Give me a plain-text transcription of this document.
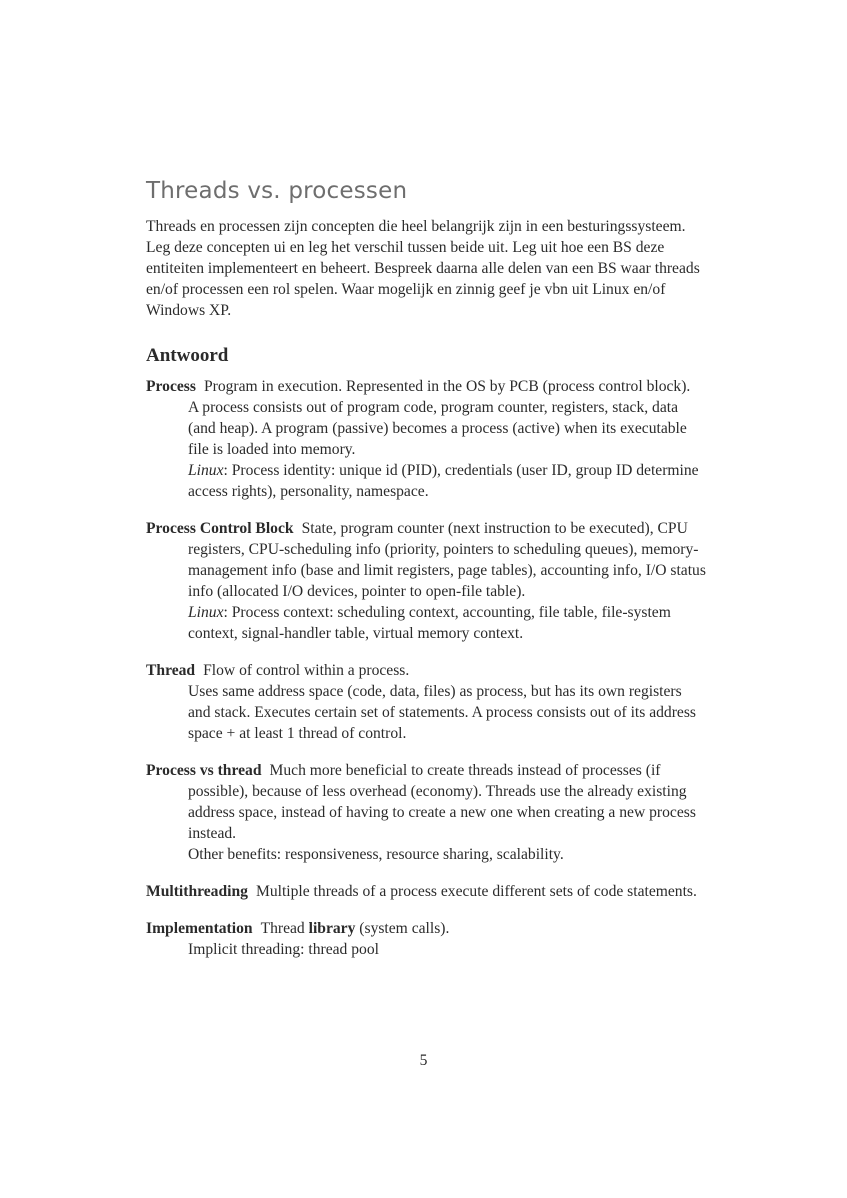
Threads vs. processen

Threads en processen zijn concepten die heel belangrijk zijn in een besturingssysteem. Leg deze concepten ui en leg het verschil tussen beide uit. Leg uit hoe een BS deze entiteiten implementeert en beheert. Bespreek daarna alle delen van een BS waar threads en/of processen een rol spelen. Waar mogelijk en zinnig geef je vbn uit Linux en/of Windows XP.

Antwoord
Process Program in execution. Represented in the OS by PCB (process control block).
A process consists out of program code, program counter, registers, stack, data (and heap). A program (passive) becomes a process (active) when its executable file is loaded into memory.
Linux: Process identity: unique id (PID), credentials (user ID, group ID determine access rights), personality, namespace.
Process Control Block State, program counter (next instruction to be executed), CPU registers, CPU-scheduling info (priority, pointers to scheduling queues), memory-management info (base and limit registers, page tables), accounting info, I/O status info (allocated I/O devices, pointer to open-file table).
Linux: Process context: scheduling context, accounting, file table, file-system context, signal-handler table, virtual memory context.
Thread Flow of control within a process.
Uses same address space (code, data, files) as process, but has its own registers and stack. Executes certain set of statements. A process consists out of its address space + at least 1 thread of control.
Process vs thread Much more beneficial to create threads instead of processes (if possible), because of less overhead (economy). Threads use the already existing address space, instead of having to create a new one when creating a new process instead.
Other benefits: responsiveness, resource sharing, scalability.
Multithreading Multiple threads of a process execute different sets of code statements.
Implementation Thread library (system calls).
Implicit threading: thread pool
5
